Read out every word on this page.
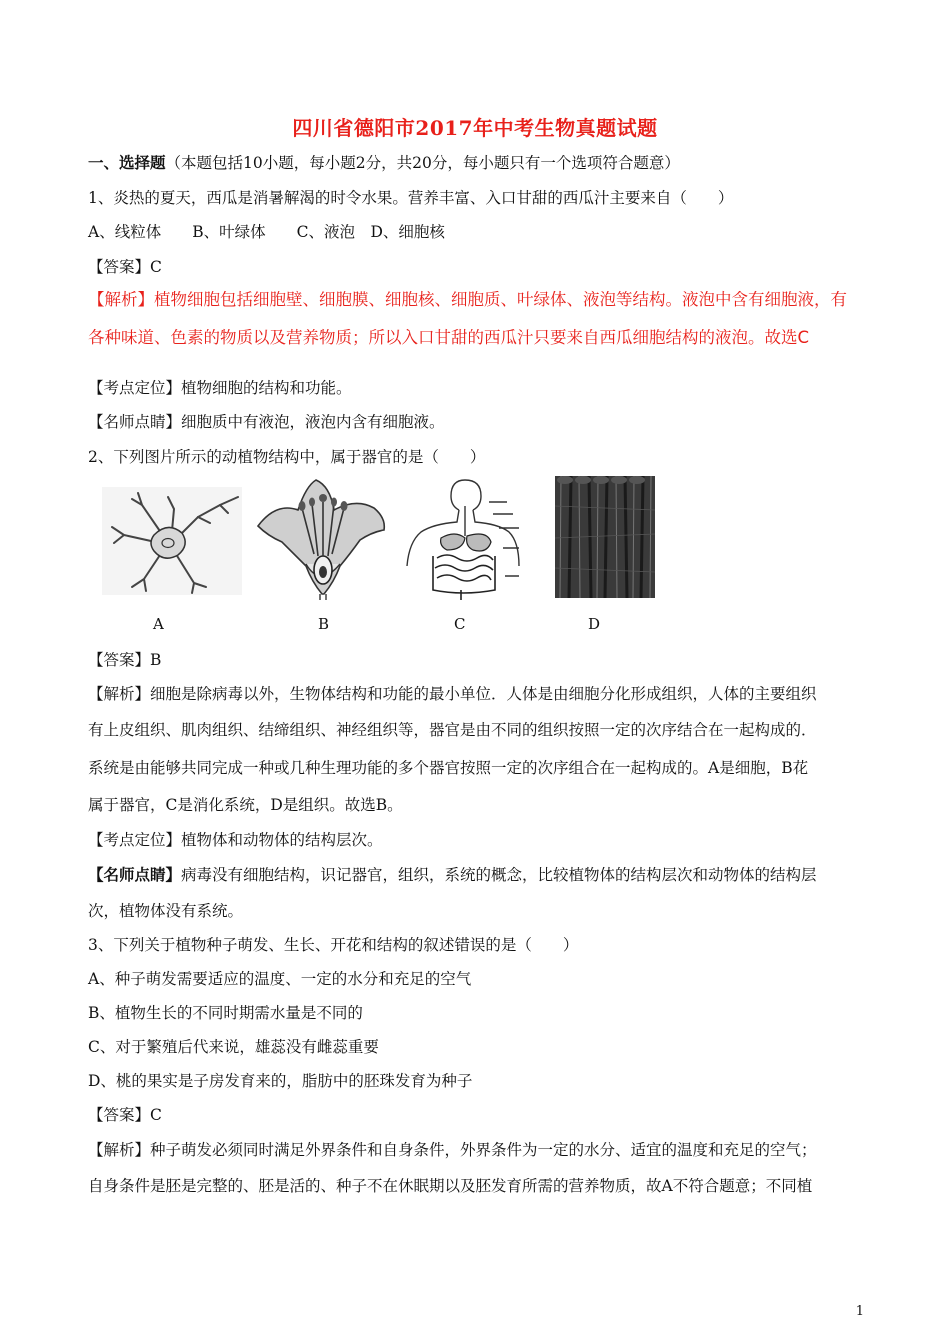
四川省德阳市2017年中考生物真题试题
一、选择题（本题包括10小题，每小题2分，共20分，每小题只有一个选项符合题意）
1、炎热的夏天，西瓜是消暑解渴的时令水果。营养丰富、入口甘甜的西瓜汁主要来自（　　）
A、线粒体　　B、叶绿体　　C、液泡　D、细胞核
【答案】C
【解析】植物细胞包括细胞壁、细胞膜、细胞核、细胞质、叶绿体、液泡等结构。液泡中含有细胞液，有
各种味道、色素的物质以及营养物质；所以入口甘甜的西瓜汁只要来自西瓜细胞结构的液泡。故选C
【考点定位】植物细胞的结构和功能。
【名师点睛】细胞质中有液泡，液泡内含有细胞液。
2、下列图片所示的动植物结构中，属于器官的是（　　）
A	B	C	D
【答案】B
【解析】细胞是除病毒以外，生物体结构和功能的最小单位．人体是由细胞分化形成组织，人体的主要组织
有上皮组织、肌肉组织、结缔组织、神经组织等，器官是由不同的组织按照一定的次序结合在一起构成的．
系统是由能够共同完成一种或几种生理功能的多个器官按照一定的次序组合在一起构成的。A是细胞，B花
属于器官，C是消化系统，D是组织。故选B。
【考点定位】植物体和动物体的结构层次。
【名师点睛】病毒没有细胞结构，识记器官，组织，系统的概念，比较植物体的结构层次和动物体的结构层
次，植物体没有系统。
3、下列关于植物种子萌发、生长、开花和结构的叙述错误的是（　　）
A、种子萌发需要适应的温度、一定的水分和充足的空气
B、植物生长的不同时期需水量是不同的
C、对于繁殖后代来说，雄蕊没有雌蕊重要
D、桃的果实是子房发育来的，脂肪中的胚珠发育为种子
【答案】C
【解析】种子萌发必须同时满足外界条件和自身条件，外界条件为一定的水分、适宜的温度和充足的空气；
自身条件是胚是完整的、胚是活的、种子不在休眠期以及胚发育所需的营养物质，故A不符合题意；不同植
1
